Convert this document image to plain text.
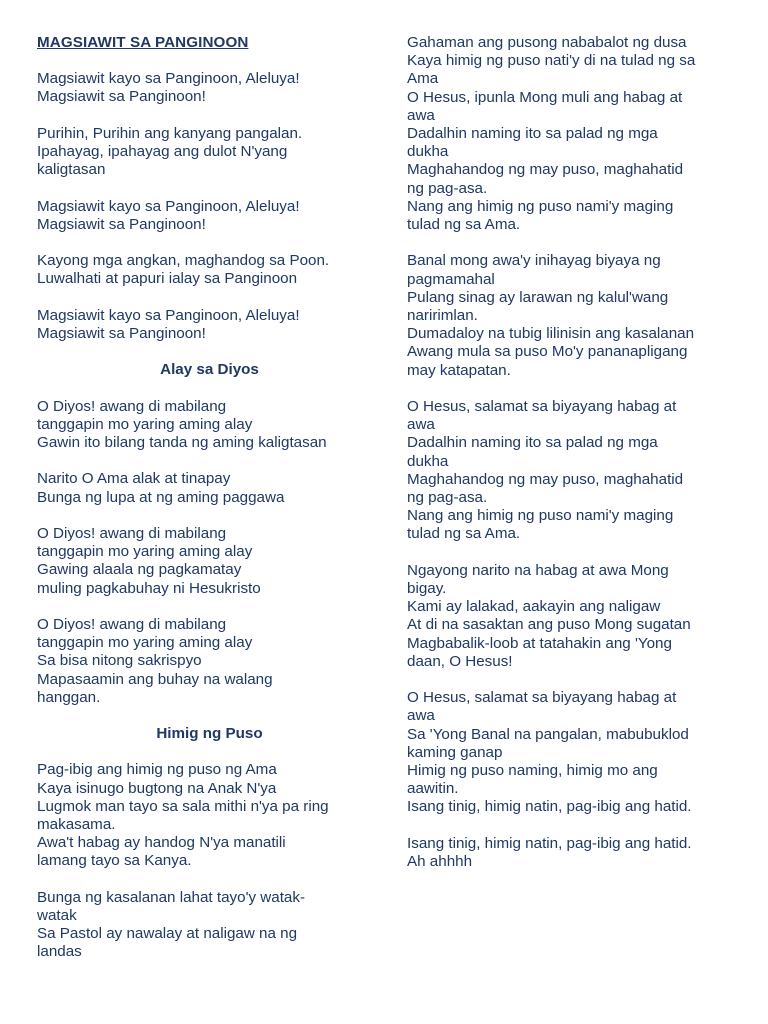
MAGSIAWIT SA PANGINOON
Magsiawit kayo sa Panginoon, Aleluya!
Magsiawit sa Panginoon!
Purihin, Purihin ang kanyang pangalan.
Ipahayag, ipahayag ang dulot N'yang
kaligtasan
Magsiawit kayo sa Panginoon, Aleluya!
Magsiawit sa Panginoon!
Kayong mga angkan, maghandog sa Poon.
Luwalhati at papuri ialay sa Panginoon
Magsiawit kayo sa Panginoon, Aleluya!
Magsiawit sa Panginoon!
Alay sa Diyos
O Diyos! awang di mabilang
tanggapin mo yaring aming alay
Gawin ito bilang tanda ng aming kaligtasan
Narito O Ama alak at tinapay
Bunga ng lupa at ng aming paggawa
O Diyos! awang di mabilang
tanggapin mo yaring aming alay
Gawing alaala ng pagkamatay
muling pagkabuhay ni Hesukristo
O Diyos! awang di mabilang
tanggapin mo yaring aming alay
Sa bisa nitong sakrispyo
Mapasaamin ang buhay na walang
hanggan.
Himig ng Puso
Pag-ibig ang himig ng puso ng Ama
Kaya isinugo bugtong na Anak N'ya
Lugmok man tayo sa sala mithi n'ya pa ring
makasama.
Awa't habag ay handog N'ya manatili
lamang tayo sa Kanya.
Bunga ng kasalanan lahat tayo'y watak-
watak
Sa Pastol ay nawalay at naligaw na ng
landas
Gahaman ang pusong nababalot ng dusa
Kaya himig ng puso nati'y di na tulad ng sa
Ama
O Hesus, ipunla Mong muli ang habag at
awa
Dadalhin naming ito sa palad ng mga
dukha
Maghahandog ng may puso, maghahatid
ng pag-asa.
Nang ang himig ng puso nami'y maging
tulad ng sa Ama.
Banal mong awa'y inihayag biyaya ng
pagmamahal
Pulang sinag ay larawan ng kalul'wang
naririmlan.
Dumadaloy na tubig lilinisin ang kasalanan
Awang mula sa puso Mo'y pananapligang
may katapatan.
O Hesus, salamat sa biyayang habag at
awa
Dadalhin naming ito sa palad ng mga
dukha
Maghahandog ng may puso, maghahatid
ng pag-asa.
Nang ang himig ng puso nami'y maging
tulad ng sa Ama.
Ngayong narito na habag at awa Mong
bigay.
Kami ay lalakad, aakayin ang naligaw
At di na sasaktan ang puso Mong sugatan
Magbabalik-loob at tatahakin ang 'Yong
daan, O Hesus!
O Hesus, salamat sa biyayang habag at
awa
Sa 'Yong Banal na pangalan, mabubuklod
kaming ganap
Himig ng puso naming, himig mo ang
aawitin.
Isang tinig, himig natin, pag-ibig ang hatid.
Isang tinig, himig natin, pag-ibig ang hatid.
Ah ahhhh
